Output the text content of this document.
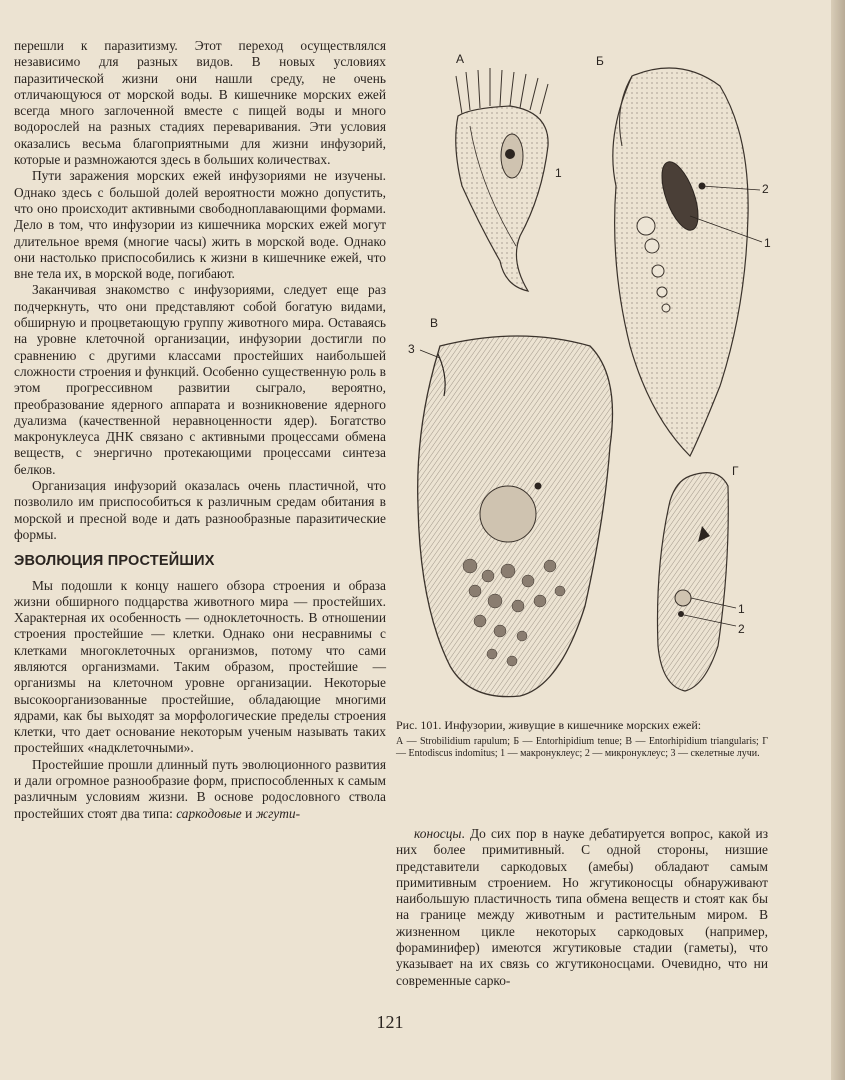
перешли к паразитизму. Этот переход осуществлялся независимо для разных видов. В новых условиях паразитической жизни они нашли среду, не очень отличающуюся от морской воды. В кишечнике морских ежей всегда много заглоченной вместе с пищей воды и много водорослей на разных стадиях переваривания. Эти условия оказались весьма благоприятными для жизни инфузорий, которые и размножаются здесь в больших количествах.

Пути заражения морских ежей инфузориями не изучены. Однако здесь с большой долей вероятности можно допустить, что оно происходит активными свободноплавающими формами. Дело в том, что инфузории из кишечника морских ежей могут длительное время (многие часы) жить в морской воде. Однако они настолько приспособились к жизни в кишечнике ежей, что вне тела их, в морской воде, погибают.

Заканчивая знакомство с инфузориями, следует еще раз подчеркнуть, что они представляют собой богатую видами, обширную и процветающую группу животного мира. Оставаясь на уровне клеточной организации, инфузории достигли по сравнению с другими классами простейших наибольшей сложности строения и функций. Особенно существенную роль в этом прогрессивном развитии сыграло, вероятно, преобразование ядерного аппарата и возникновение ядерного дуализма (качественной неравноценности ядер). Богатство макронуклеуса ДНК связано с активными процессами обмена веществ, с энергично протекающими процессами синтеза белков.

Организация инфузорий оказалась очень пластичной, что позволило им приспособиться к различным средам обитания в морской и пресной воде и дать разнообразные паразитические формы.

ЭВОЛЮЦИЯ ПРОСТЕЙШИХ

Мы подошли к концу нашего обзора строения и образа жизни обширного подцарства животного мира — простейших. Характерная их особенность — одноклеточность. В отношении строения простейшие — клетки. Однако они несравнимы с клетками многоклеточных организмов, потому что сами являются организмами. Таким образом, простейшие — организмы на клеточном уровне организации. Некоторые высокоорганизованные простейшие, обладающие многими ядрами, как бы выходят за морфологические пределы строения клетки, что дает основание некоторым ученым называть таких простейших «надклеточными».

Простейшие прошли длинный путь эволюционного развития и дали огромное разнообразие форм, приспособленных к самым различным условиям жизни. В основе родословного ствола простейших стоят два типа: саркодовые и жгути-

А	Б
В
Г
1
2
1
3
1
2
Рис. 101. Инфузории, живущие в кишечнике морских ежей:
А — Strobilidium rapulum; Б — Entorhipidium tenue; В — Entorhipidium triangularis; Г — Entodiscus indomitus; 1 — макронуклеус; 2 — микронуклеус; 3 — скелетные лучи.

коносцы. До сих пор в науке дебатируется вопрос, какой из них более примитивный. С одной стороны, низшие представители саркодовых (амебы) обладают самым примитивным строением. Но жгутиконосцы обнаруживают наибольшую пластичность типа обмена веществ и стоят как бы на границе между животным и растительным миром. В жизненном цикле некоторых саркодовых (например, фораминифер) имеются жгутиковые стадии (гаметы), что указывает на их связь со жгутиконосцами. Очевидно, что ни современные сарко-

121
